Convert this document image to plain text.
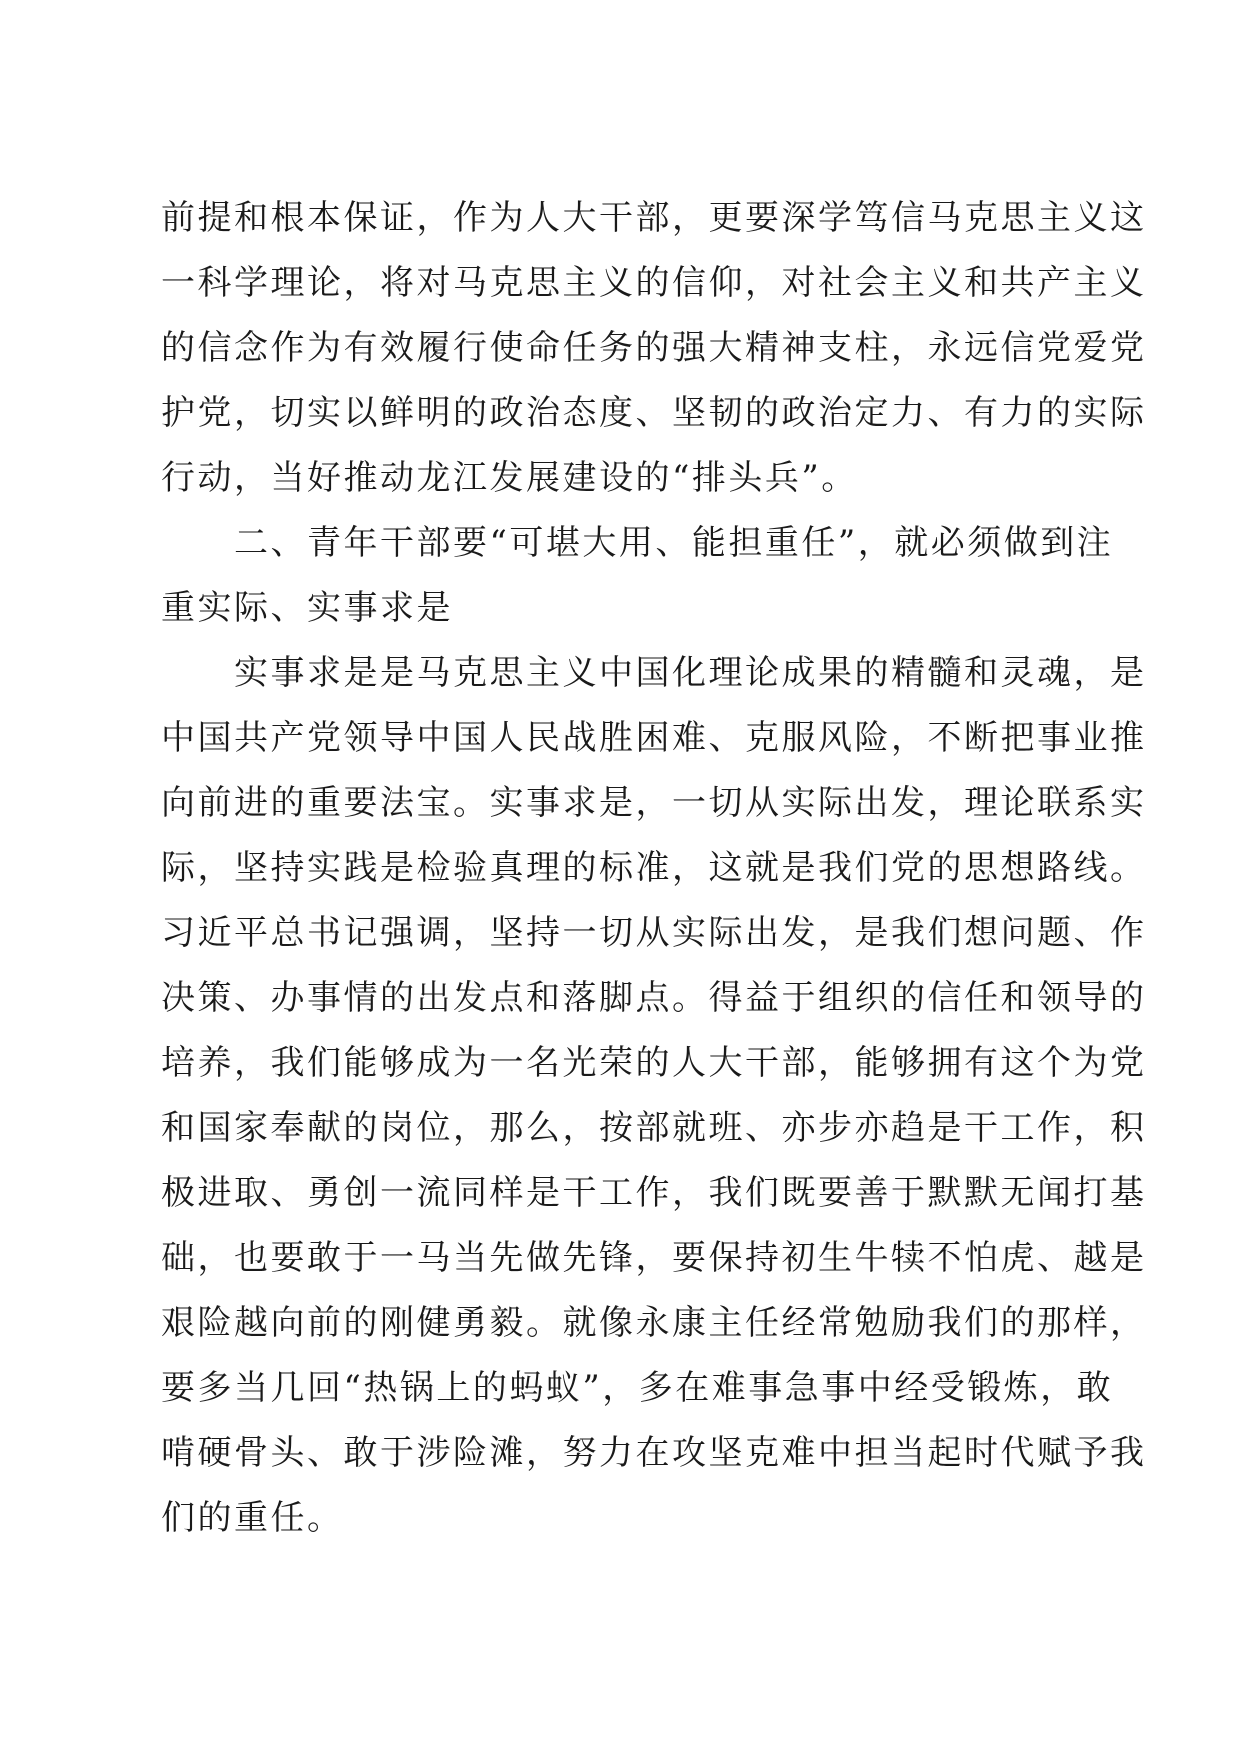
前提和根本保证，作为人大干部，更要深学笃信马克思主义这
一科学理论，将对马克思主义的信仰，对社会主义和共产主义
的信念作为有效履行使命任务的强大精神支柱，永远信党爱党
护党，切实以鲜明的政治态度、坚韧的政治定力、有力的实际
行动，当好推动龙江发展建设的“排头兵”。
　　二、青年干部要“可堪大用、能担重任”，就必须做到注
重实际、实事求是
　　实事求是是马克思主义中国化理论成果的精髓和灵魂，是
中国共产党领导中国人民战胜困难、克服风险，不断把事业推
向前进的重要法宝。实事求是，一切从实际出发，理论联系实
际，坚持实践是检验真理的标准，这就是我们党的思想路线。
习近平总书记强调，坚持一切从实际出发，是我们想问题、作
决策、办事情的出发点和落脚点。得益于组织的信任和领导的
培养，我们能够成为一名光荣的人大干部，能够拥有这个为党
和国家奉献的岗位，那么，按部就班、亦步亦趋是干工作，积
极进取、勇创一流同样是干工作，我们既要善于默默无闻打基
础，也要敢于一马当先做先锋，要保持初生牛犊不怕虎、越是
艰险越向前的刚健勇毅。就像永康主任经常勉励我们的那样，
要多当几回“热锅上的蚂蚁”，多在难事急事中经受锻炼，敢
啃硬骨头、敢于涉险滩，努力在攻坚克难中担当起时代赋予我
们的重任。
